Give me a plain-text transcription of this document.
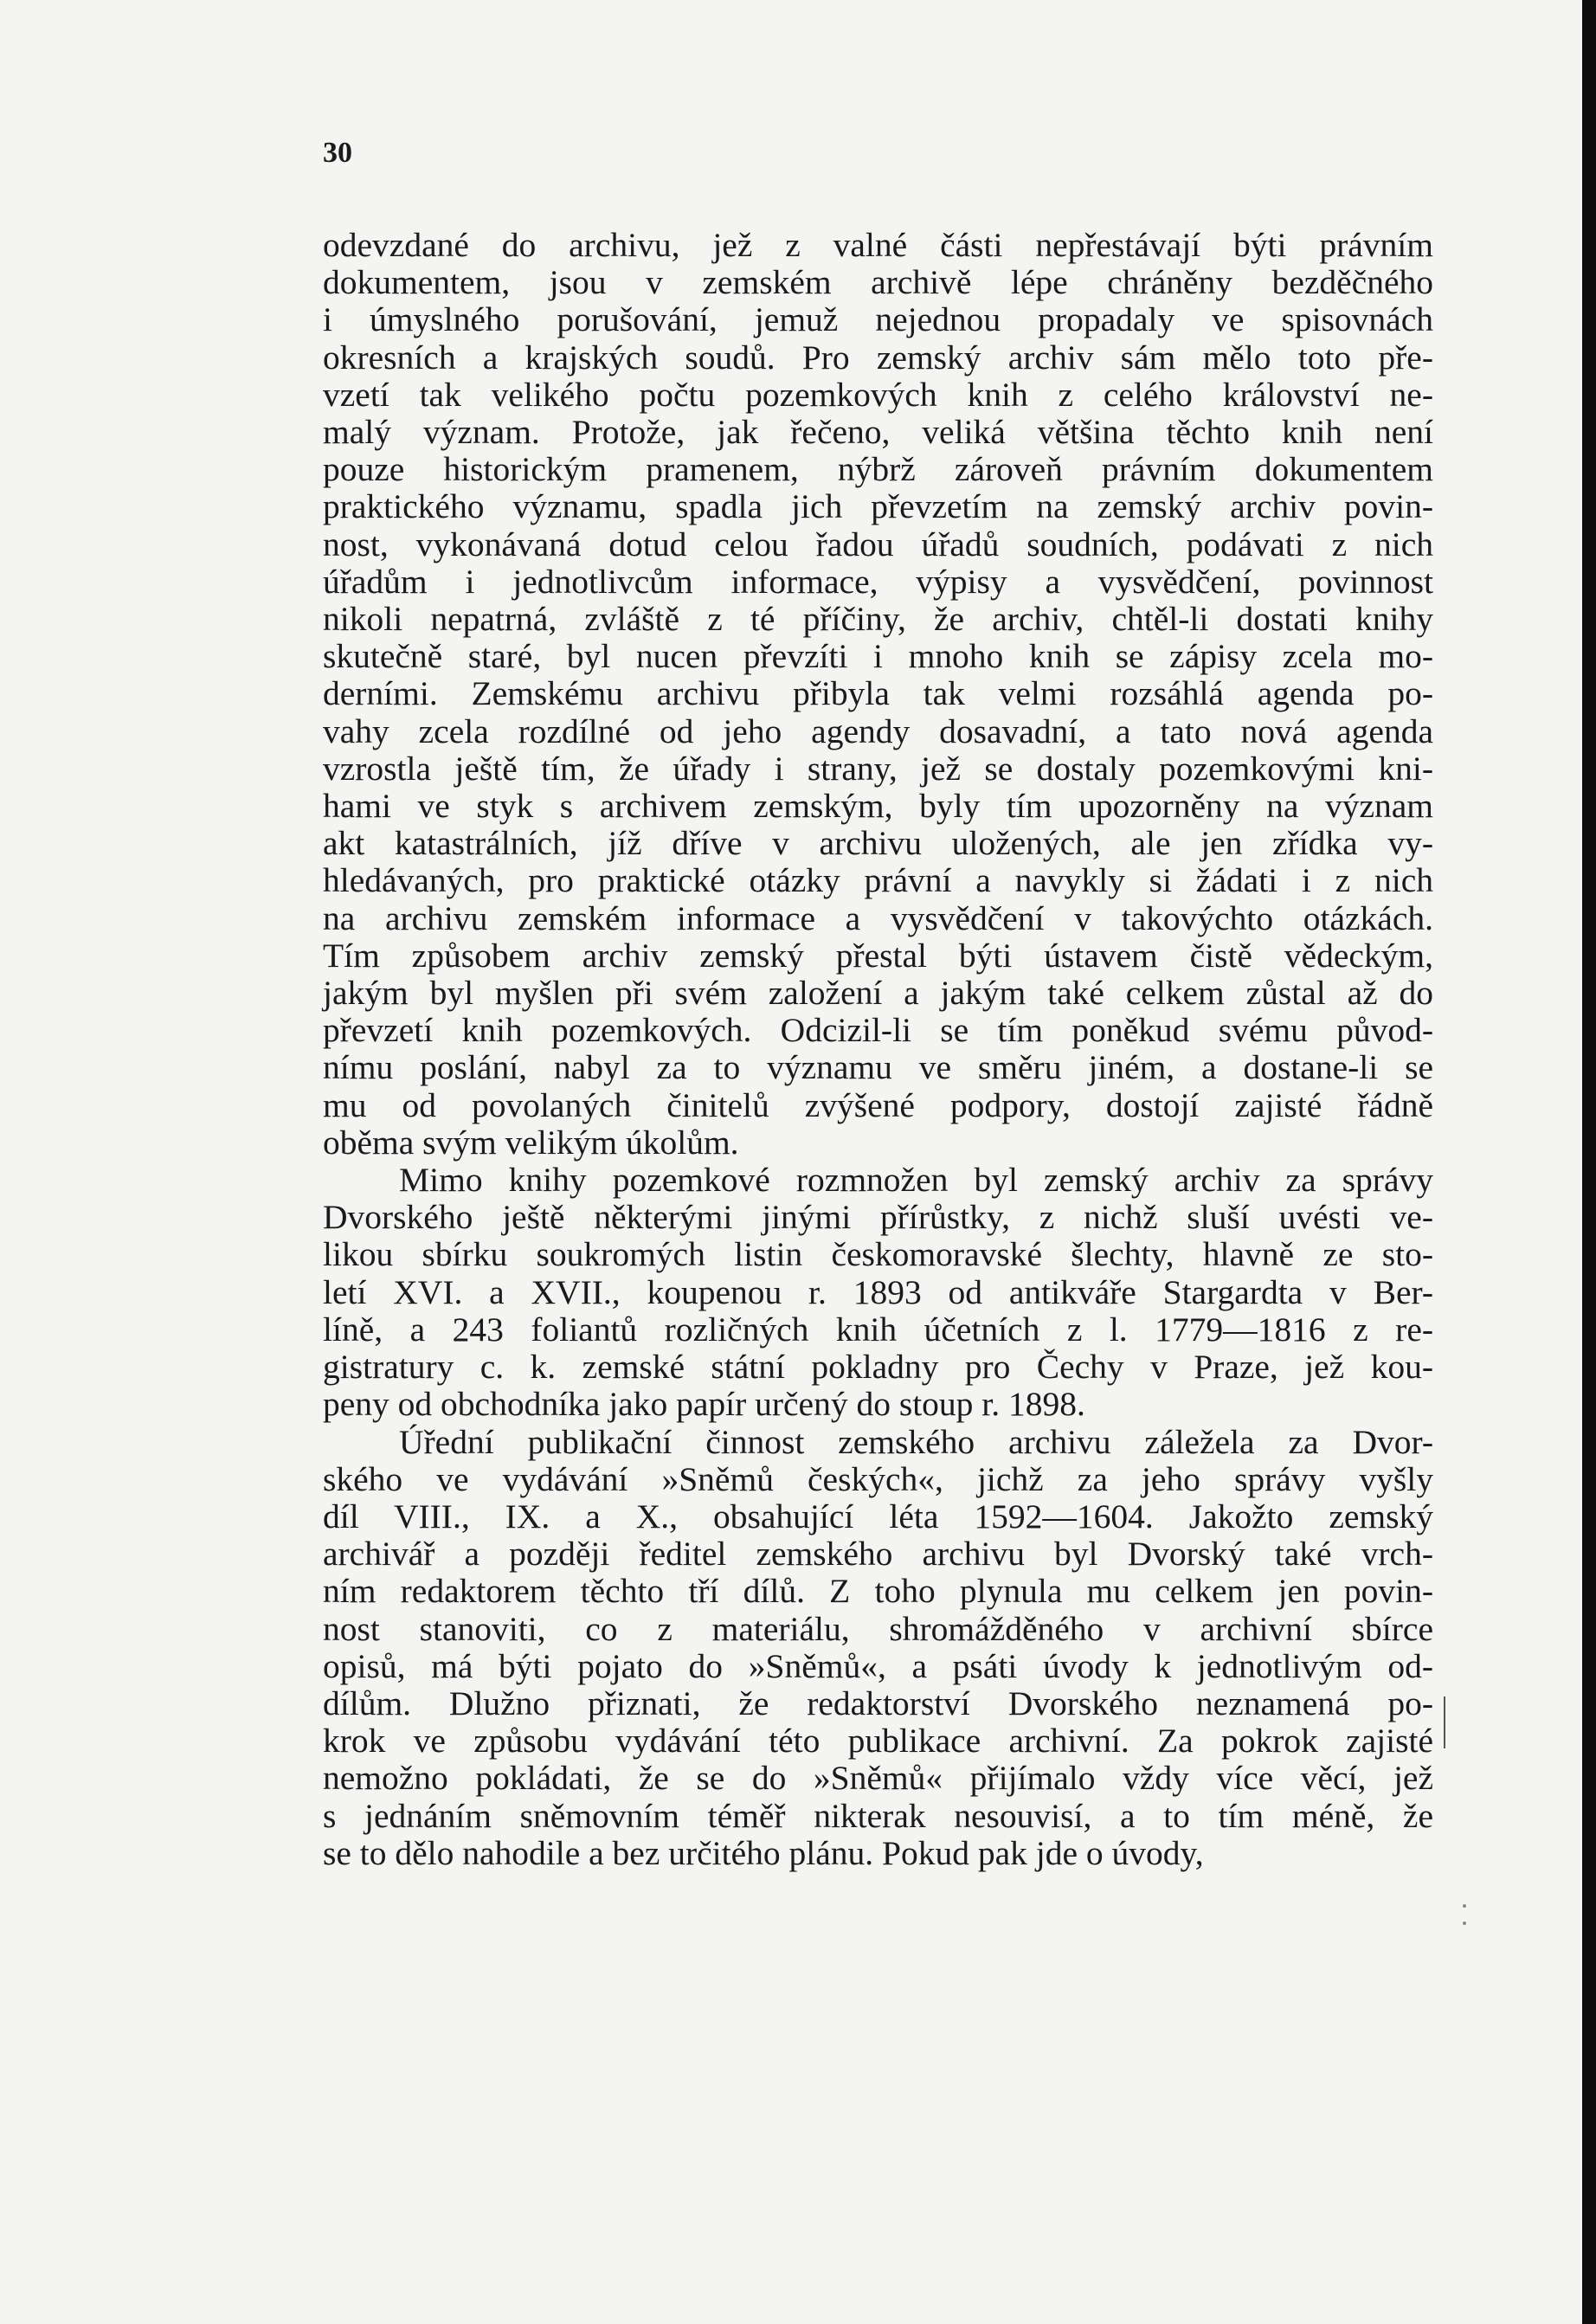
30
odevzdané do archivu, jež z valné části nepřestávají býti právním
dokumentem, jsou v zemském archivě lépe chráněny bezděčného
i úmyslného porušování, jemuž nejednou propadaly ve spisovnách
okresních a krajských soudů. Pro zemský archiv sám mělo toto pře-
vzetí tak velikého počtu pozemkových knih z celého království ne-
malý význam. Protože, jak řečeno, veliká většina těchto knih není
pouze historickým pramenem, nýbrž zároveň právním dokumentem
praktického významu, spadla jich převzetím na zemský archiv povin-
nost, vykonávaná dotud celou řadou úřadů soudních, podávati z nich
úřadům i jednotlivcům informace, výpisy a vysvědčení, povinnost
nikoli nepatrná, zvláště z té příčiny, že archiv, chtěl-li dostati knihy
skutečně staré, byl nucen převzíti i mnoho knih se zápisy zcela mo-
derními. Zemskému archivu přibyla tak velmi rozsáhlá agenda po-
vahy zcela rozdílné od jeho agendy dosavadní, a tato nová agenda
vzrostla ještě tím, že úřady i strany, jež se dostaly pozemkovými kni-
hami ve styk s archivem zemským, byly tím upozorněny na význam
akt katastrálních, jíž dříve v archivu uložených, ale jen zřídka vy-
hledávaných, pro praktické otázky právní a navykly si žádati i z nich
na archivu zemském informace a vysvědčení v takovýchto otázkách.
Tím způsobem archiv zemský přestal býti ústavem čistě vědeckým,
jakým byl myšlen při svém založení a jakým také celkem zůstal až do
převzetí knih pozemkových. Odcizil-li se tím poněkud svému původ-
nímu poslání, nabyl za to významu ve směru jiném, a dostane-li se
mu od povolaných činitelů zvýšené podpory, dostojí zajisté řádně
oběma svým velikým úkolům.
Mimo knihy pozemkové rozmnožen byl zemský archiv za správy
Dvorského ještě některými jinými přírůstky, z nichž sluší uvésti ve-
likou sbírku soukromých listin českomoravské šlechty, hlavně ze sto-
letí XVI. a XVII., koupenou r. 1893 od antikváře Stargardta v Ber-
líně, a 243 foliantů rozličných knih účetních z l. 1779—1816 z re-
gistratury c. k. zemské státní pokladny pro Čechy v Praze, jež kou-
peny od obchodníka jako papír určený do stoup r. 1898.
Úřední publikační činnost zemského archivu záležela za Dvor-
ského ve vydávání »Sněmů českých«, jichž za jeho správy vyšly
díl VIII., IX. a X., obsahující léta 1592—1604. Jakožto zemský
archivář a později ředitel zemského archivu byl Dvorský také vrch-
ním redaktorem těchto tří dílů. Z toho plynula mu celkem jen povin-
nost stanoviti, co z materiálu, shromážděného v archivní sbírce
opisů, má býti pojato do »Sněmů«, a psáti úvody k jednotlivým od-
dílům. Dlužno přiznati, že redaktorství Dvorského neznamená po-
krok ve způsobu vydávání této publikace archivní. Za pokrok zajisté
nemožno pokládati, že se do »Sněmů« přijímalo vždy více věcí, jež
s jednáním sněmovním téměř nikterak nesouvisí, a to tím méně, že
se to dělo nahodile a bez určitého plánu. Pokud pak jde o úvody,
